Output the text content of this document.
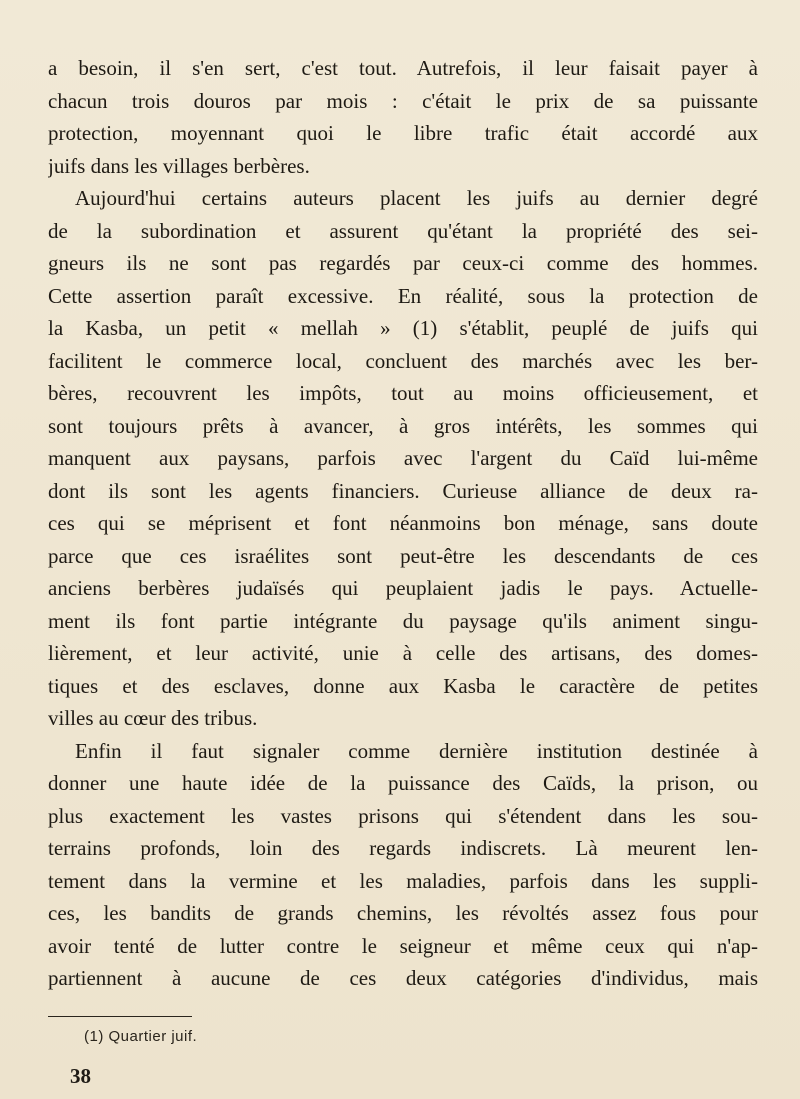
a besoin, il s'en sert, c'est tout. Autrefois, il leur faisait payer à
chacun trois douros par mois : c'était le prix de sa puissante
protection, moyennant quoi le libre trafic était accordé aux
juifs dans les villages berbères.
Aujourd'hui certains auteurs placent les juifs au dernier degré
de la subordination et assurent qu'étant la propriété des sei-
gneurs ils ne sont pas regardés par ceux-ci comme des hommes.
Cette assertion paraît excessive. En réalité, sous la protection de
la Kasba, un petit « mellah » (1) s'établit, peuplé de juifs qui
facilitent le commerce local, concluent des marchés avec les ber-
bères, recouvrent les impôts, tout au moins officieusement, et
sont toujours prêts à avancer, à gros intérêts, les sommes qui
manquent aux paysans, parfois avec l'argent du Caïd lui-même
dont ils sont les agents financiers. Curieuse alliance de deux ra-
ces qui se méprisent et font néanmoins bon ménage, sans doute
parce que ces israélites sont peut-être les descendants de ces
anciens berbères judaïsés qui peuplaient jadis le pays. Actuelle-
ment ils font partie intégrante du paysage qu'ils animent singu-
lièrement, et leur activité, unie à celle des artisans, des domes-
tiques et des esclaves, donne aux Kasba le caractère de petites
villes au cœur des tribus.
Enfin il faut signaler comme dernière institution destinée à
donner une haute idée de la puissance des Caïds, la prison, ou
plus exactement les vastes prisons qui s'étendent dans les sou-
terrains profonds, loin des regards indiscrets. Là meurent len-
tement dans la vermine et les maladies, parfois dans les suppli-
ces, les bandits de grands chemins, les révoltés assez fous pour
avoir tenté de lutter contre le seigneur et même ceux qui n'ap-
partiennent à aucune de ces deux catégories d'individus, mais
(1) Quartier juif.
38
